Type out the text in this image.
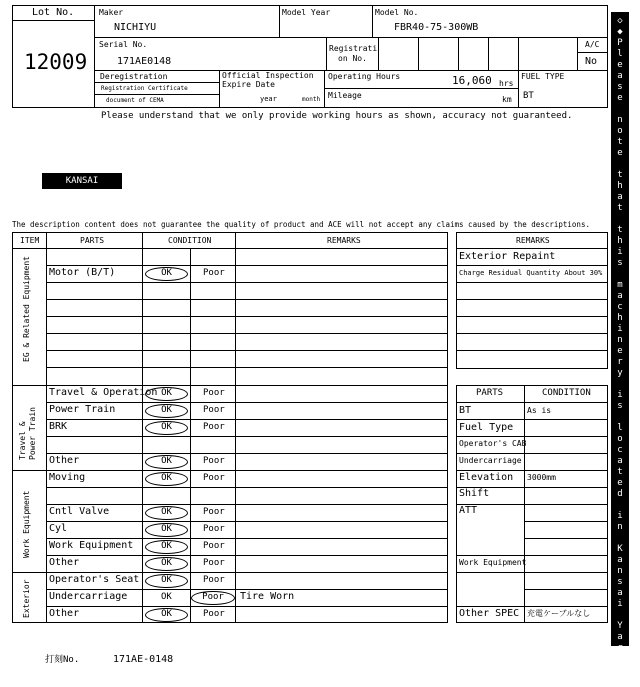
Lot No.
12009
Maker
NICHIYU
Model Year	Model No.
FBR40-75-300WB
Serial No.
171AE0148
Registrati
on No.
A/C
No
Deregistration
Registration Certificate
document of CEMA
Official Inspection
Expire Date
year	month
Operating Hours	16,060 hrs
Mileage	km
FUEL TYPE
BT
Please understand that we only provide working hours as shown, accuracy not guaranteed.
KANSAI
The description content does not guarantee the quality of product and ACE will not accept any claims caused by the descriptions.
ITEM	PARTS	CONDITION	REMARKS
EG & Related Equipment
Travel & Power Train
Work Equipment
Exterior
Motor (B/T)	OK	Poor
Travel & Operation OK	Poor
Power Train	OK	Poor
BRK	OK	Poor
Other	OK	Poor
Moving	OK	Poor
Cntl Valve	OK	Poor
Cyl	OK	Poor
Work Equipment	OK	Poor
Other	OK	Poor
Operator's Seat	OK	Poor
Undercarriage	OK	Poor	Tire Worn
Other	OK	Poor
REMARKS
Exterior Repaint
Charge Residual Quantity About 30%
PARTS	CONDITION
BT	As is
Fuel Type
Operator's CAB
Undercarriage
Elevation 3000mm
Shift
ATT
Work Equipment
Other SPEC 充電ケーブルなし
◇
◆
P
l
e
a
s
e

n
o
t
e

t
h
a
t

t
h
i
s

m
a
c
h
i
n
e
r
y

i
s

l
o
c
a
t
e
d

i
n

K
a
n
s
a
i

Y
a
r
d
◆
◇
打刻No.	171AE-0148
